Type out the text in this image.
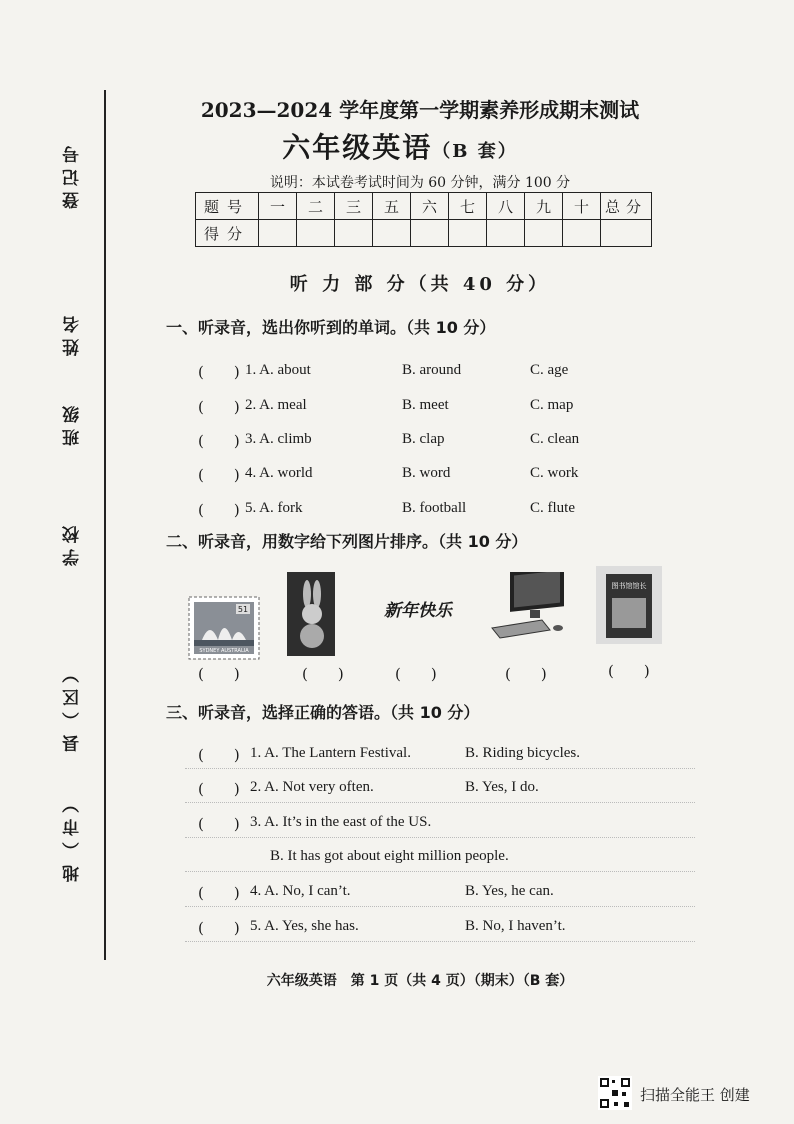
登记号
姓名
班级
学校
县（区）
地（市）
2023—2024 学年度第一学期素养形成期末测试
六年级英语（B 套）
说明：本试卷考试时间为 60 分钟，满分 100 分
题号	一	二	三	五	六	七	八	九	十	总分
得分										
听 力 部 分（共 40 分）
一、听录音，选出你听到的单词。（共 10 分）
(　　) 1. A. about	B. around	C. age
(　　) 2. A. meal	B. meet	C. map
(　　) 3. A. climb	B. clap	C. clean
(　　) 4. A. world	B. word	C. work
(　　) 5. A. fork	B. football	C. flute
二、听录音，用数字给下列图片排序。（共 10 分）
51
SYDNEY AUSTRALIA
新年快乐
图书馆馆长
(　　)	(　　)	(　　)	(　　)	(　　)
三、听录音，选择正确的答语。（共 10 分）
(　　) 1. A. The Lantern Festival.	B. Riding bicycles.
(　　) 2. A. Not very often.	B. Yes, I do.
(　　) 3. A. It’s in the east of the US.
B. It has got about eight million people.
(　　) 4. A. No, I can’t.	B. Yes, he can.
(　　) 5. A. Yes, she has.	B. No, I haven’t.
六年级英语　第 1 页（共 4 页）（期末）（B 套）
扫描全能王 创建
